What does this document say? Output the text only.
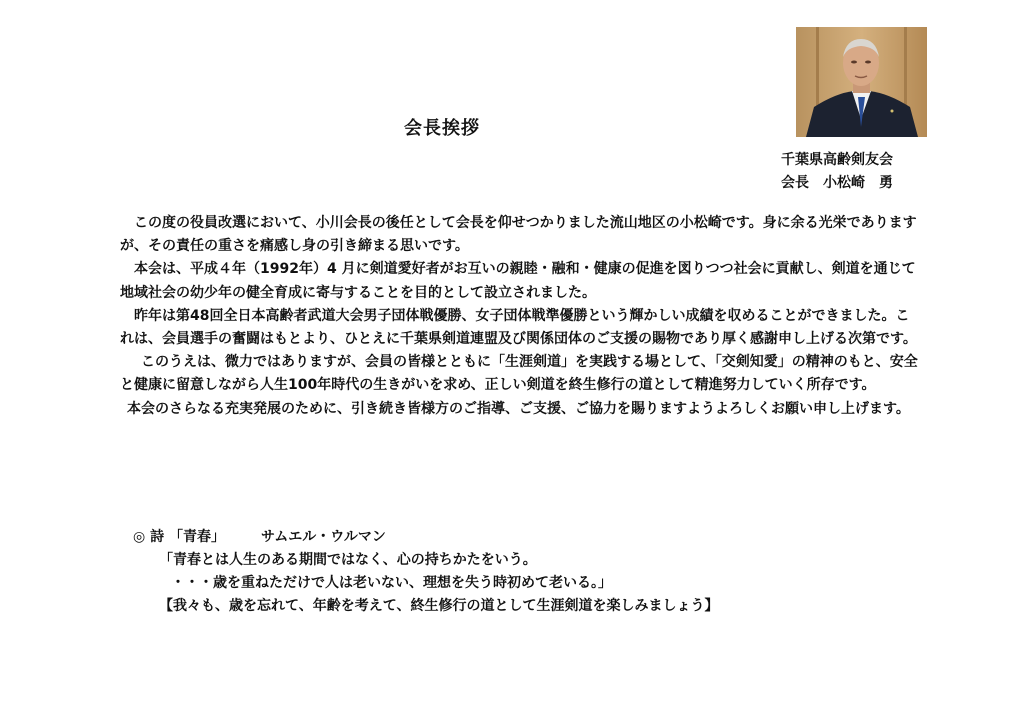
会長挨拶
千葉県高齢剣友会
会長　小松崎　勇

この度の役員改選において、小川会長の後任として会長を仰せつかりました流山地区の小松崎です。身に余る光栄でありますが、その責任の重さを痛感し身の引き締まる思いです。

本会は、平成４年（1992年）4 月に剣道愛好者がお互いの親睦・融和・健康の促進を図りつつ社会に貢献し、剣道を通じて地域社会の幼少年の健全育成に寄与することを目的として設立されました。

昨年は第48回全日本高齢者武道大会男子団体戦優勝、女子団体戦準優勝という輝かしい成績を収めることができました。これは、会員選手の奮闘はもとより、ひとえに千葉県剣道連盟及び関係団体のご支援の賜物であり厚く感謝申し上げる次第です。

このうえは、微力ではありますが、会員の皆様とともに「生涯剣道」を実践する場として、「交剣知愛」の精神のもと、安全と健康に留意しながら人生100年時代の生きがいを求め、正しい剣道を終生修行の道として精進努力していく所存です。

本会のさらなる充実発展のために、引き続き皆様方のご指導、ご支援、ご協力を賜りますようよろしくお願い申し上げます。

◎ 詩 「青春」	サムエル・ウルマン
「青春とは人生のある期間ではなく、心の持ちかたをいう。
・・・歳を重ねただけで人は老いない、理想を失う時初めて老いる。」
【我々も、歳を忘れて、年齢を考えて、終生修行の道として生涯剣道を楽しみましょう】
